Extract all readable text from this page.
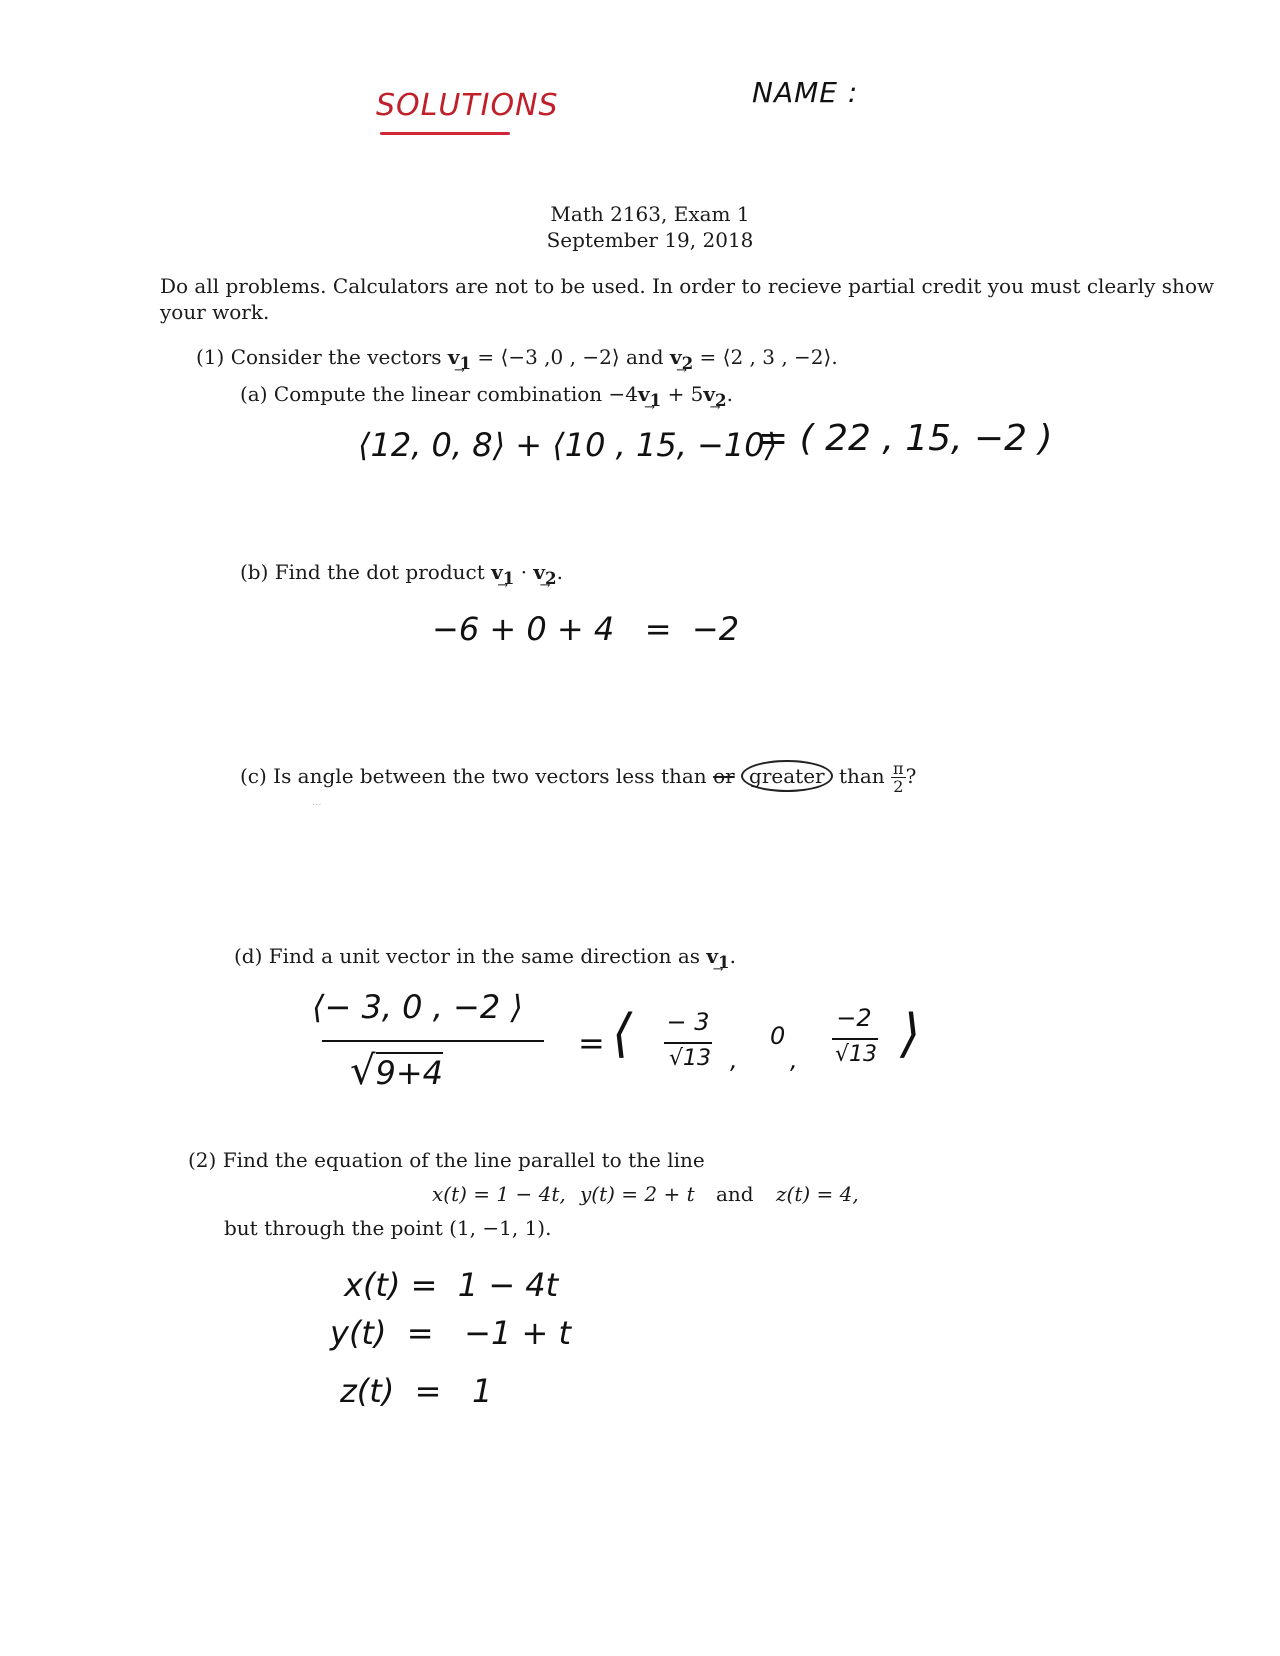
SOLUTIONS	NAME :
Math 2163, Exam 1
September 19, 2018
Do all problems. Calculators are not to be used. In order to recieve partial credit you must clearly show
your work.
(1) Consider the vectors $v_1$ → = ⟨−3 ,0 , −2⟩ and $v_2$ → = ⟨2 , 3 , −2⟩.
(a) Compute the linear combination $-4v_1$ → + $5v_2$ →.
⟨12, 0, 8⟩ + ⟨10 , 15, −10⟩
= ( 22 , 15, −2 )
(b) Find the dot product $v_1$ → · $v_2$ →.
−6 + 0 + 4   =  −2
(c) Is angle between the two vectors less than or greater than $\frac{\pi}{2}$ ?
···
(d) Find a unit vector in the same direction as $v_1$ →.
⟨− 3, 0 , −2 ⟩
√9+4
= ⟨	− 3
√13 ,
0
,
−2
√13 ⟩
(2) Find the equation of the line parallel to the line
x(t) = 1 − 4t, y(t) = 2 + t and z(t) = 4,
but through the point (1, −1, 1).
x(t) =  1 − 4t
y(t)  =   −1 + t
z(t)  =   1
